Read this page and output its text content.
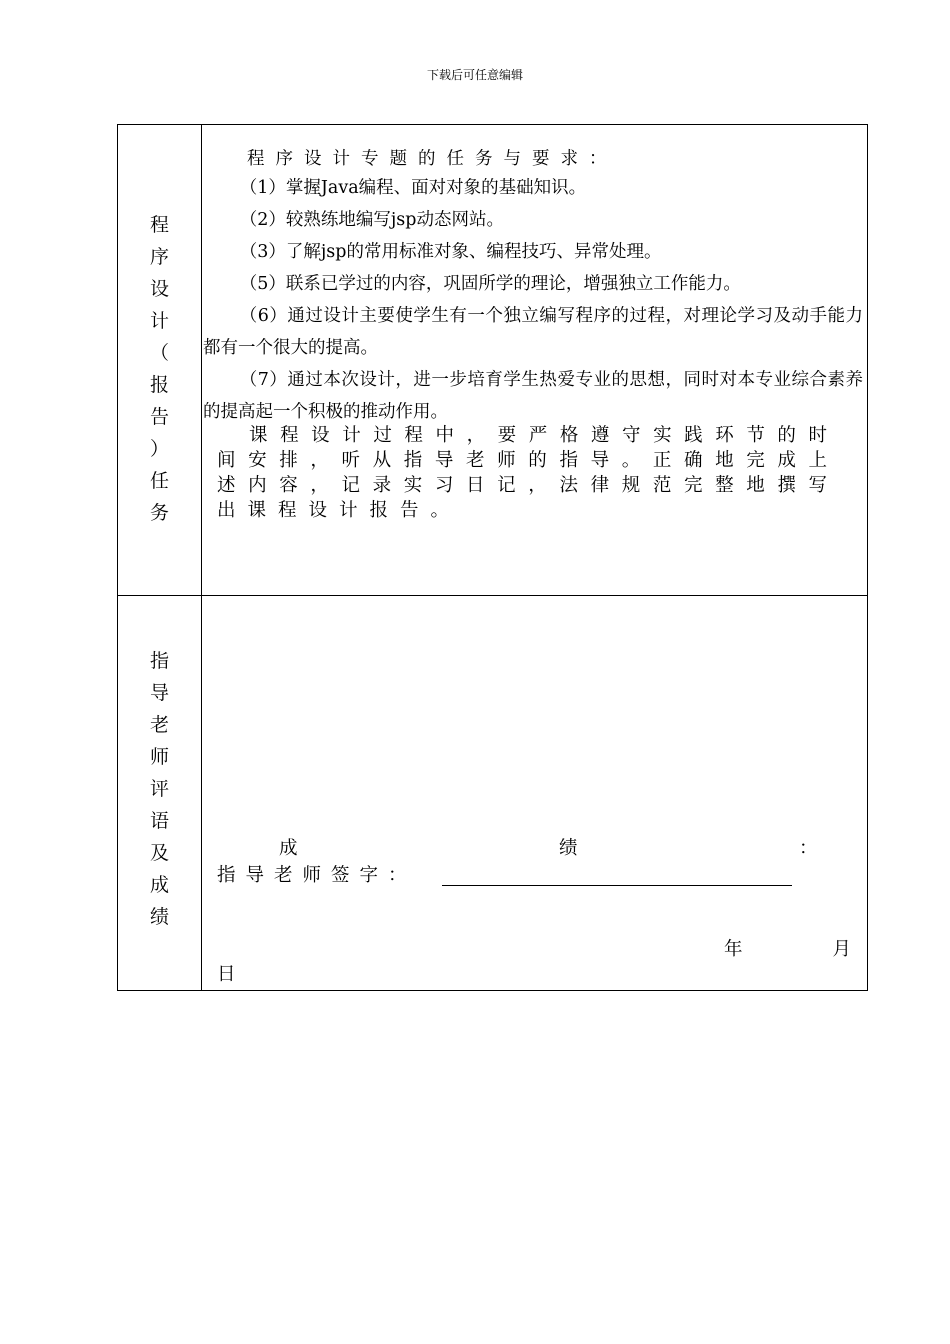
下载后可任意编辑
程
序
设
计
（
报
告
）
任
务
程序设计专题的任务与要求：

（1）掌握Java编程、面对对象的基础知识。

（2）较熟练地编写jsp动态网站。

（3）了解jsp的常用标准对象、编程技巧、异常处理。

（5）联系已学过的内容，巩固所学的理论，增强独立工作能力。

（6）通过设计主要使学生有一个独立编写程序的过程，对理论学习及动手能力都有一个很大的提高。

（7）通过本次设计，进一步培育学生热爱专业的思想，同时对本专业综合素养的提高起一个积极的推动作用。

课程设计过程中，要严格遵守实践环节的时间安排，听从指导老师的指导。正确地完成上述内容，记录实习日记，法律规范完整地撰写出课程设计报告。

指
导
老
师
评
语
及
成
绩
成	绩	：
指导老师签字：
年	月
日
